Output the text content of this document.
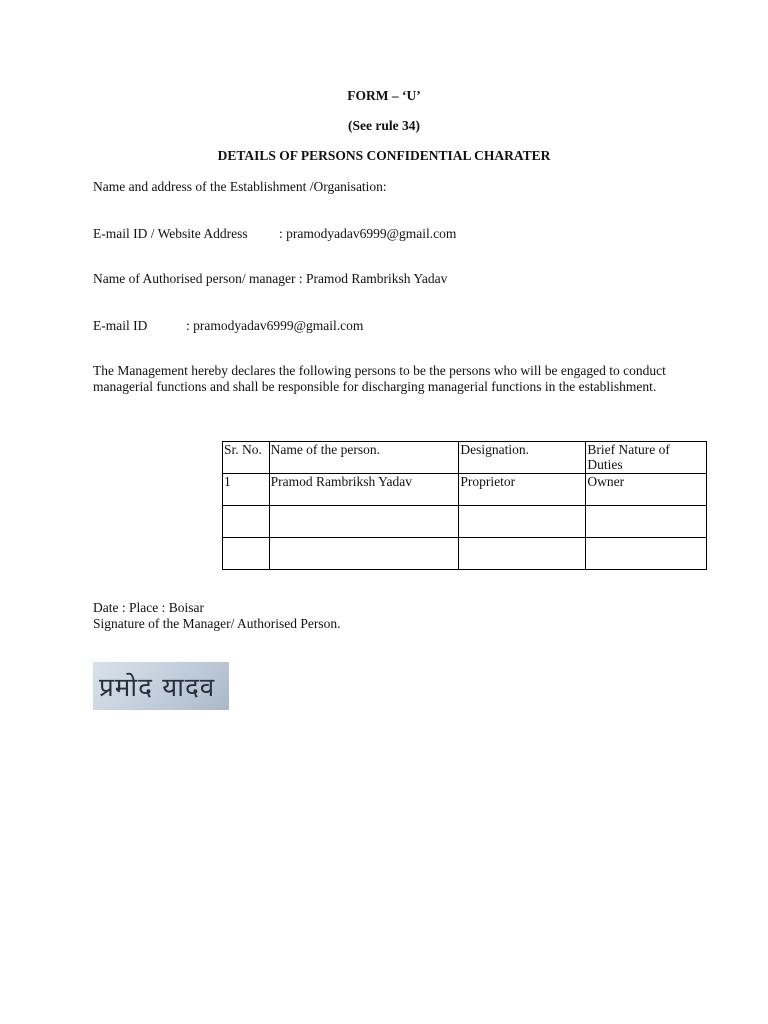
FORM – ‘U’
(See rule 34)
DETAILS OF PERSONS CONFIDENTIAL CHARATER
Name and address of the Establishment /Organisation:
E-mail ID / Website Address : pramodyadav6999@gmail.com
Name of Authorised person/ manager : Pramod Rambriksh Yadav
E-mail ID	: pramodyadav6999@gmail.com
The Management hereby declares the following persons to be the persons who will be engaged to conduct managerial functions and shall be responsible for discharging managerial functions in the establishment.
Sr. No.	Name of the person.	Designation.	Brief Nature of Duties
1	Pramod Rambriksh Yadav	Proprietor	Owner

Date : Place : Boisar
Signature of the Manager/ Authorised Person.
प्रमोद यादव
